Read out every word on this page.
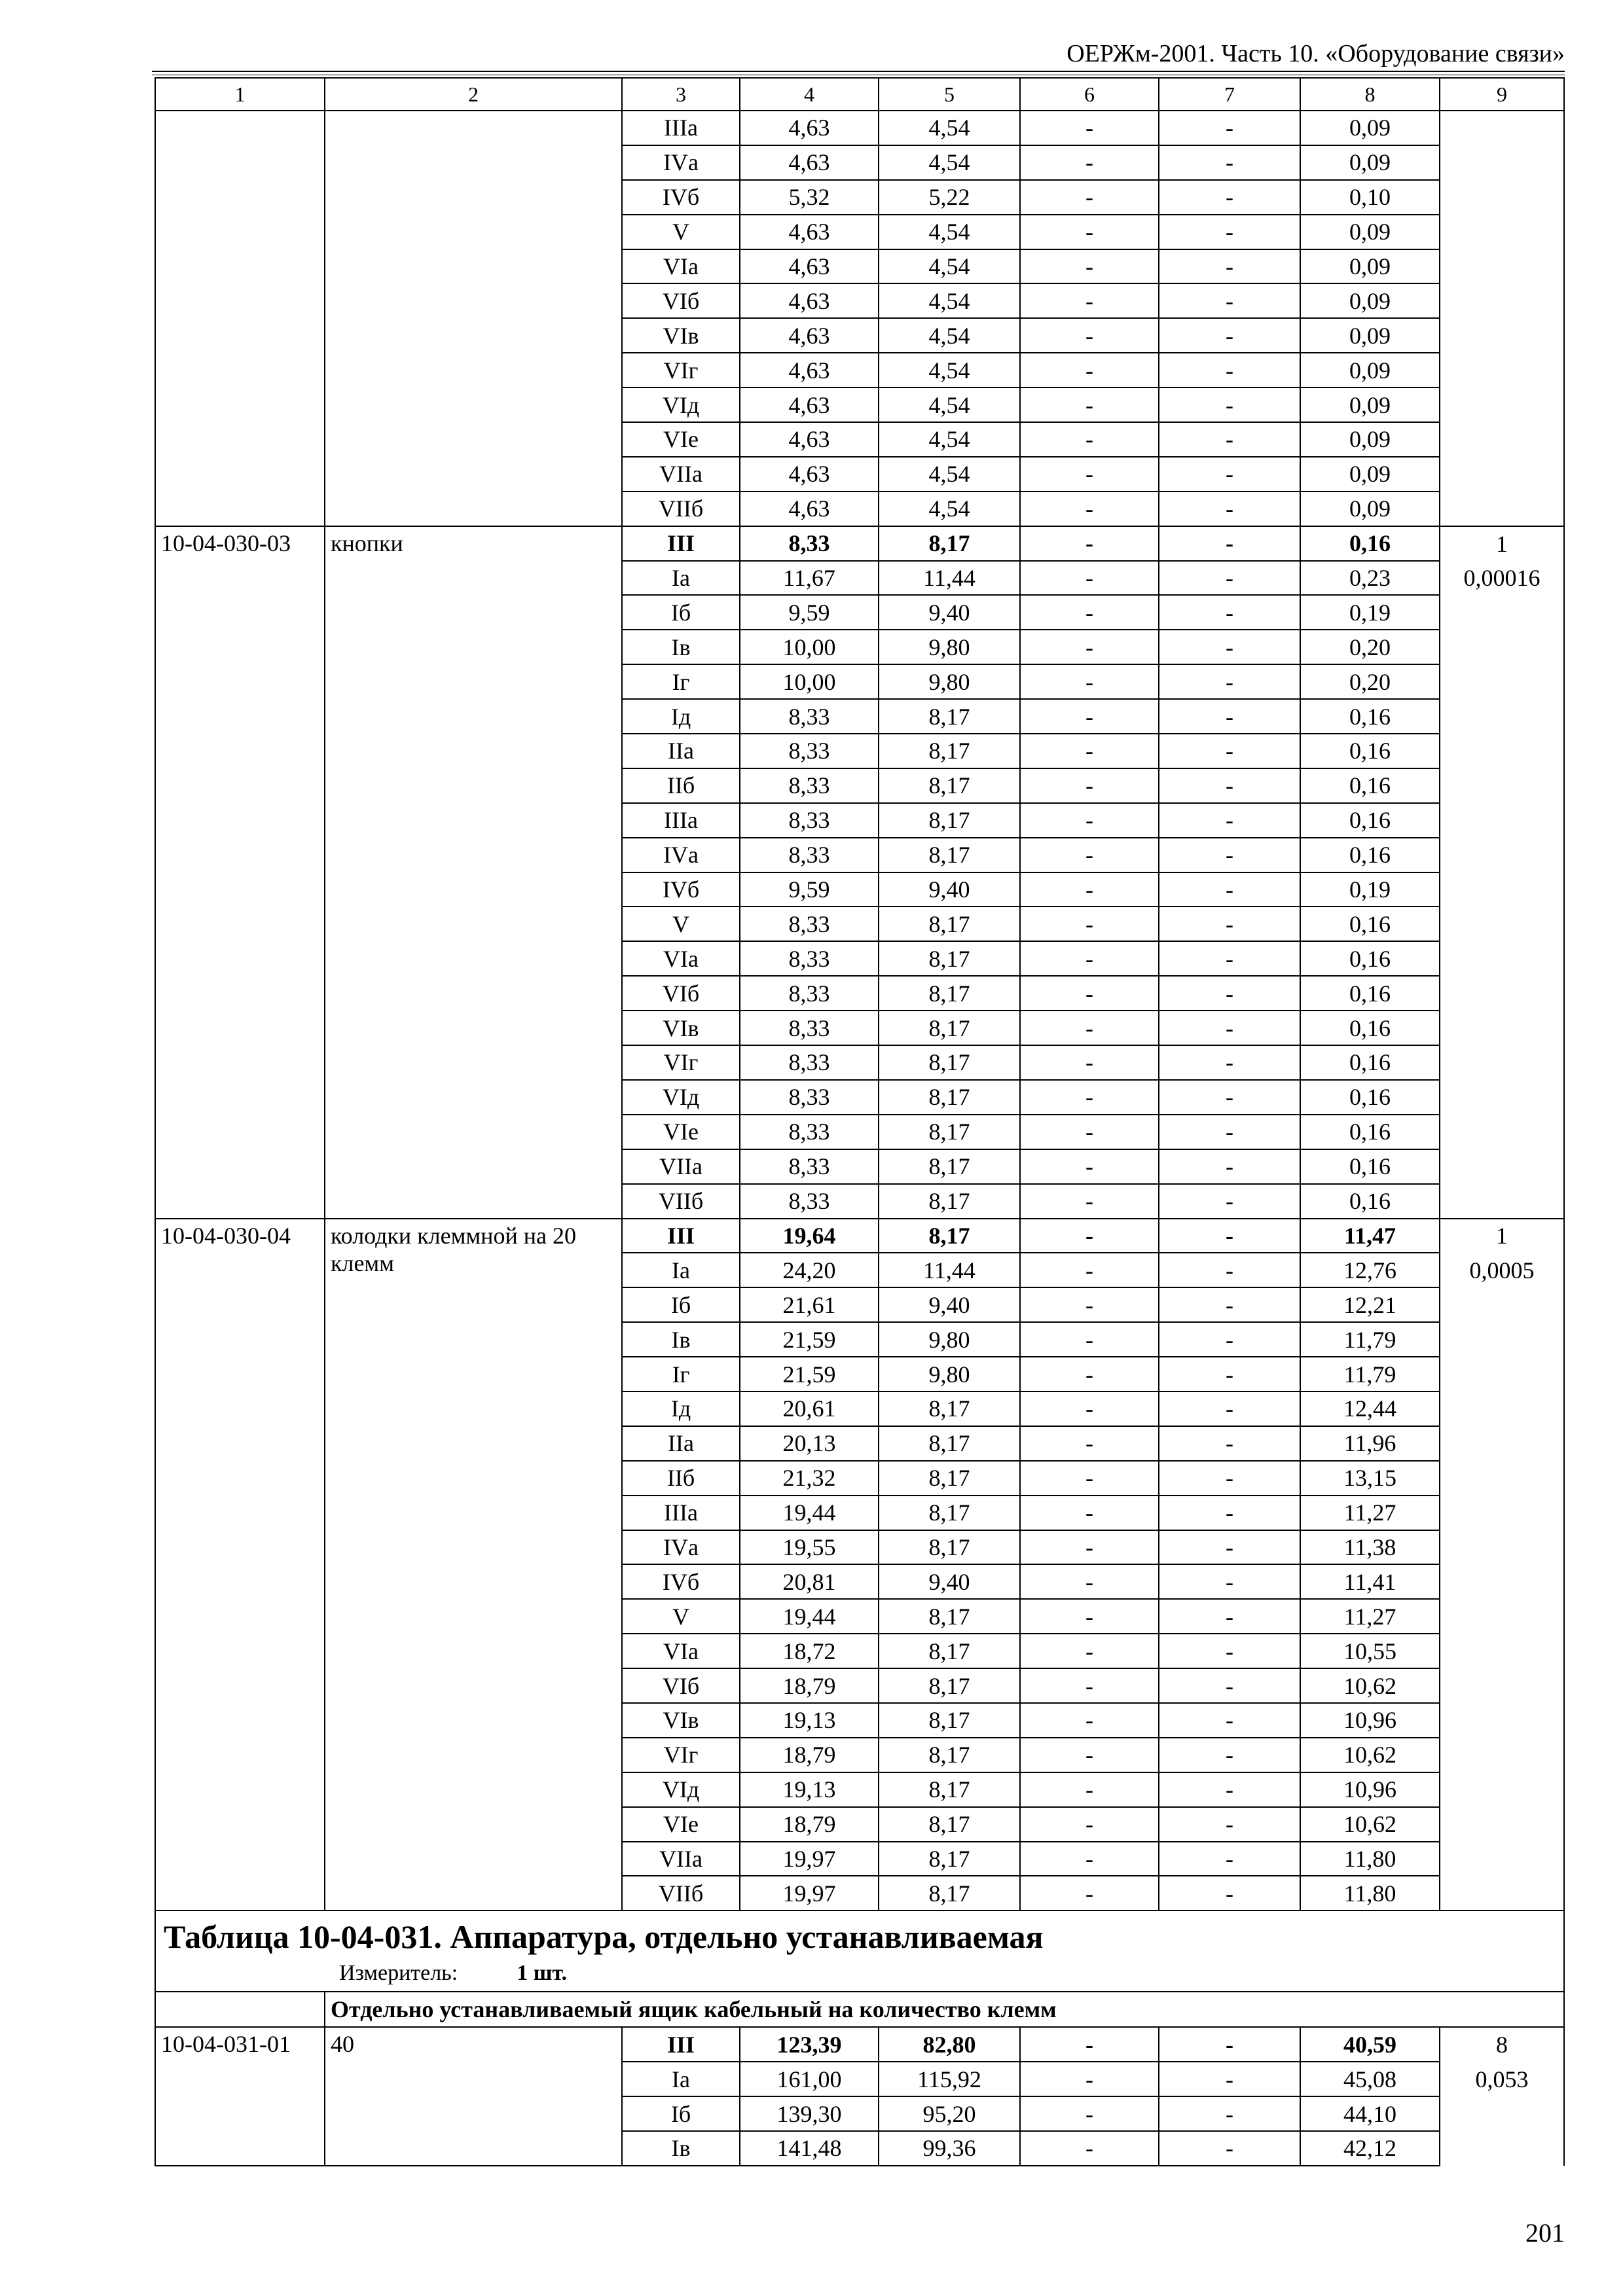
ОЕРЖм-2001. Часть 10. «Оборудование связи»
1	2	3	4	5	6	7	8	9
		IIIа	4,63	4,54	-	-	0,09	
		IVа	4,63	4,54	-	-	0,09	
		IVб	5,32	5,22	-	-	0,10	
		V	4,63	4,54	-	-	0,09	
		VIа	4,63	4,54	-	-	0,09	
		VIб	4,63	4,54	-	-	0,09	
		VIв	4,63	4,54	-	-	0,09	
		VIг	4,63	4,54	-	-	0,09	
		VIд	4,63	4,54	-	-	0,09	
		VIе	4,63	4,54	-	-	0,09	
		VIIа	4,63	4,54	-	-	0,09	
		VIIб	4,63	4,54	-	-	0,09	
10-04-030-03	кнопки	III	8,33	8,17	-	-	0,16	1
		Iа	11,67	11,44	-	-	0,23	0,00016
		Iб	9,59	9,40	-	-	0,19	
		Iв	10,00	9,80	-	-	0,20	
		Iг	10,00	9,80	-	-	0,20	
		Iд	8,33	8,17	-	-	0,16	
		IIа	8,33	8,17	-	-	0,16	
		IIб	8,33	8,17	-	-	0,16	
		IIIа	8,33	8,17	-	-	0,16	
		IVа	8,33	8,17	-	-	0,16	
		IVб	9,59	9,40	-	-	0,19	
		V	8,33	8,17	-	-	0,16	
		VIа	8,33	8,17	-	-	0,16	
		VIб	8,33	8,17	-	-	0,16	
		VIв	8,33	8,17	-	-	0,16	
		VIг	8,33	8,17	-	-	0,16	
		VIд	8,33	8,17	-	-	0,16	
		VIе	8,33	8,17	-	-	0,16	
		VIIа	8,33	8,17	-	-	0,16	
		VIIб	8,33	8,17	-	-	0,16	
10-04-030-04	колодки клеммной на 20 клемм	III	19,64	8,17	-	-	11,47	1
		Iа	24,20	11,44	-	-	12,76	0,0005
		Iб	21,61	9,40	-	-	12,21	
		Iв	21,59	9,80	-	-	11,79	
		Iг	21,59	9,80	-	-	11,79	
		Iд	20,61	8,17	-	-	12,44	
		IIа	20,13	8,17	-	-	11,96	
		IIб	21,32	8,17	-	-	13,15	
		IIIа	19,44	8,17	-	-	11,27	
		IVа	19,55	8,17	-	-	11,38	
		IVб	20,81	9,40	-	-	11,41	
		V	19,44	8,17	-	-	11,27	
		VIа	18,72	8,17	-	-	10,55	
		VIб	18,79	8,17	-	-	10,62	
		VIв	19,13	8,17	-	-	10,96	
		VIг	18,79	8,17	-	-	10,62	
		VIд	19,13	8,17	-	-	10,96	
		VIе	18,79	8,17	-	-	10,62	
		VIIа	19,97	8,17	-	-	11,80	
		VIIб	19,97	8,17	-	-	11,80	

Таблица 10-04-031. Аппаратура, отдельно устанавливаемая
Измеритель: 1 шт.								

	Отдельно устанавливаемый ящик кабельный на количество клемм							
10-04-031-01	40	III	123,39	82,80	-	-	40,59	8
		Iа	161,00	115,92	-	-	45,08	0,053
		Iб	139,30	95,20	-	-	44,10	
		Iв	141,48	99,36	-	-	42,12	
201
